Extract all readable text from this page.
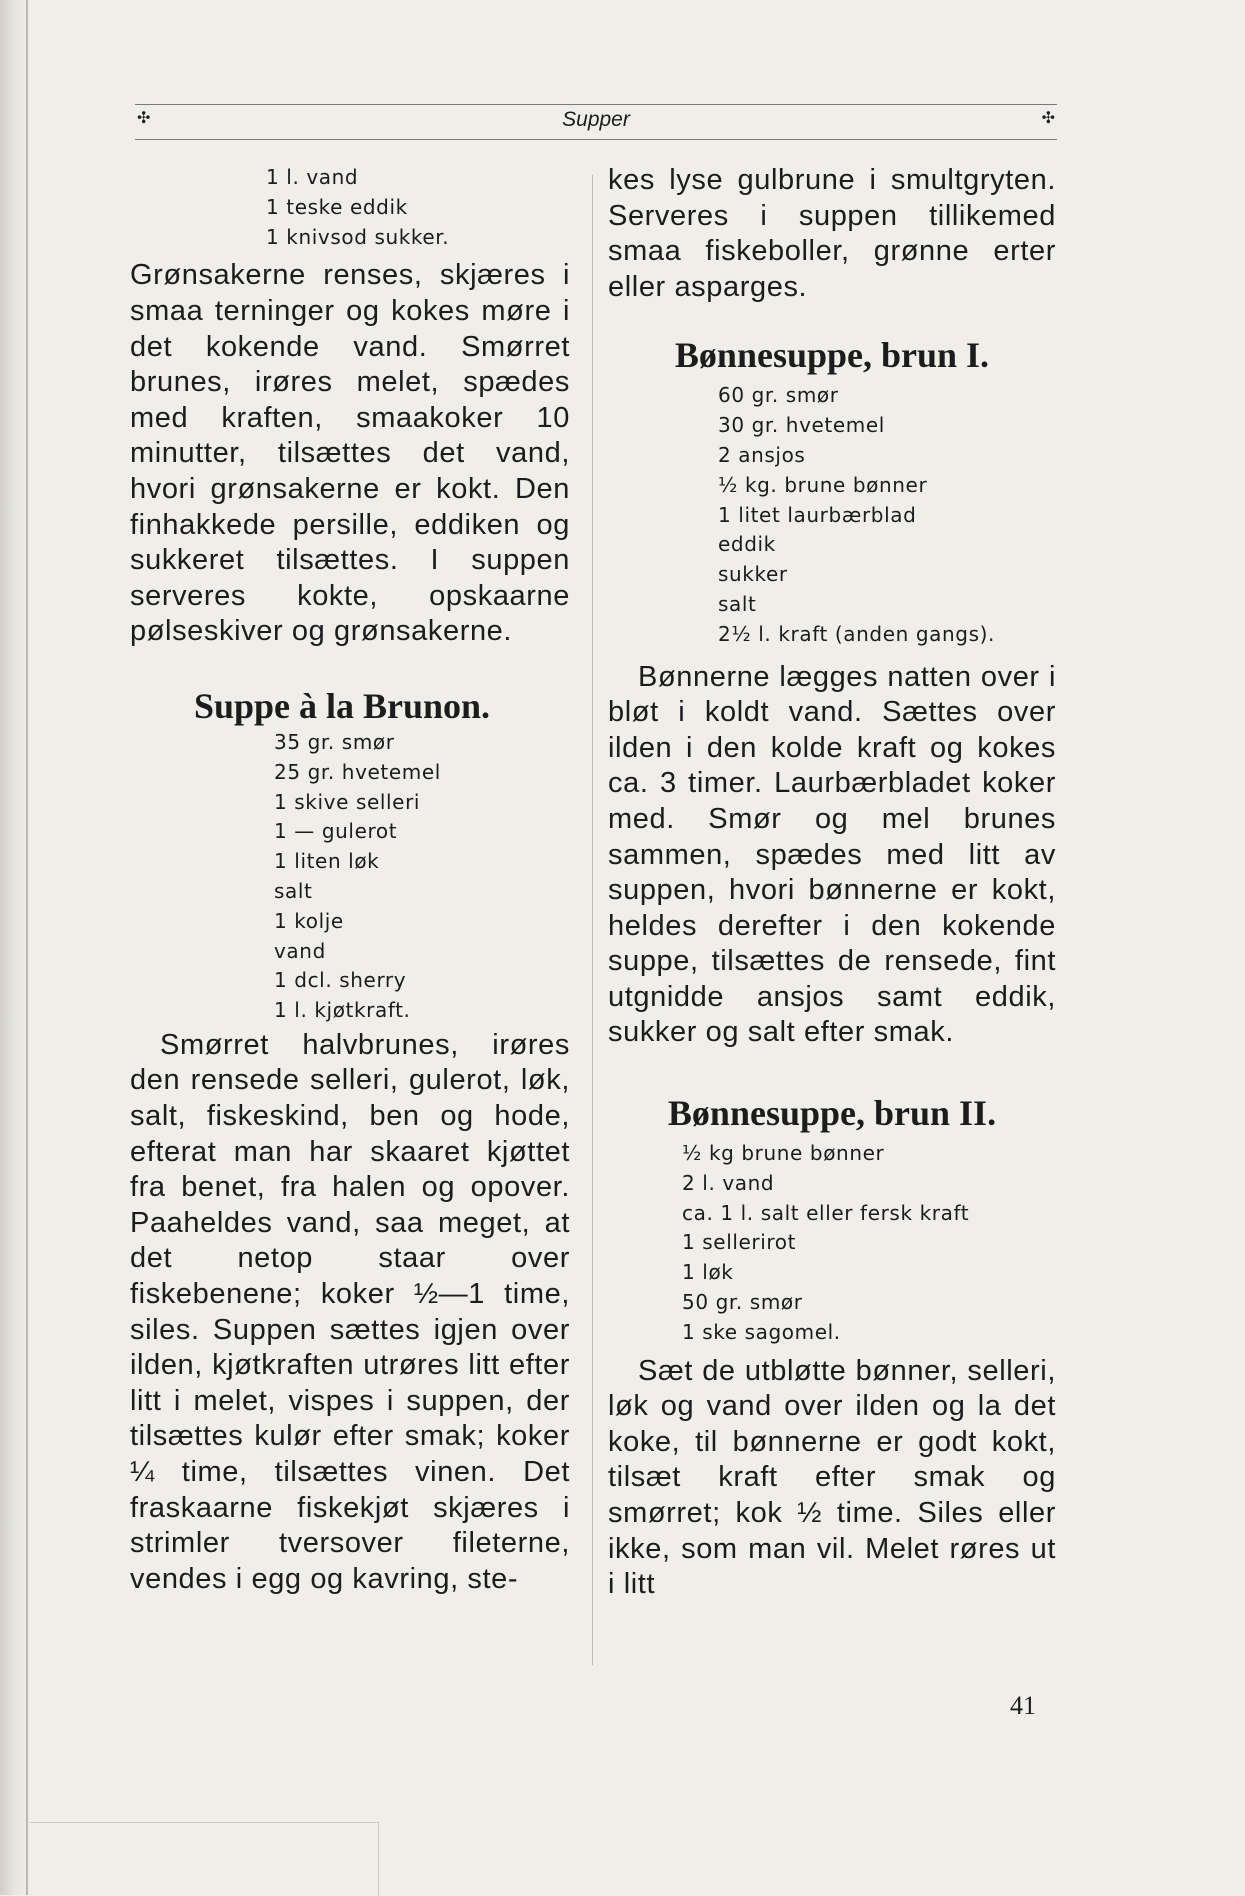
✣	Supper	✣
1 l. vand
1 teske eddik
1 knivsod sukker.

Grønsakerne renses, skjæres i smaa terninger og kokes møre i det kokende vand. Smørret brunes, irøres melet, spædes med kraften, smaakoker 10 minutter, tilsættes det vand, hvori grønsakerne er kokt. Den finhakkede persille, eddiken og sukkeret tilsættes. I suppen serveres kokte, opskaarne pølseskiver og grønsakerne.

Suppe à la Brunon.
35 gr. smør
25 gr. hvetemel
1 skive selleri
1 — gulerot
1 liten løk
salt
1 kolje
vand
1 dcl. sherry
1 l. kjøtkraft.

Smørret halvbrunes, irøres den rensede selleri, gulerot, løk, salt, fiskeskind, ben og hode, efterat man har skaaret kjøttet fra benet, fra halen og opover. Paaheldes vand, saa meget, at det netop staar over fiskebenene; koker ½—1 time, siles. Suppen sættes igjen over ilden, kjøtkraften utrøres litt efter litt i melet, vispes i suppen, der tilsættes kulør efter smak; koker ¼ time, tilsættes vinen. Det fraskaarne fiskekjøt skjæres i strimler tversover fileterne, vendes i egg og kavring, ste-

kes lyse gulbrune i smultgryten. Serveres i suppen tillikemed smaa fiskeboller, grønne erter eller asparges.

Bønnesuppe, brun I.
60 gr. smør
30 gr. hvetemel
2 ansjos
½ kg. brune bønner
1 litet laurbærblad
eddik
sukker
salt
2½ l. kraft (anden gangs).

Bønnerne lægges natten over i bløt i koldt vand. Sættes over ilden i den kolde kraft og kokes ca. 3 timer. Laurbærbladet koker med. Smør og mel brunes sammen, spædes med litt av suppen, hvori bønnerne er kokt, heldes derefter i den kokende suppe, tilsættes de rensede, fint utgnidde ansjos samt eddik, sukker og salt efter smak.

Bønnesuppe, brun II.
½ kg brune bønner
2 l. vand
ca. 1 l. salt eller fersk kraft
1 sellerirot
1 løk
50 gr. smør
1 ske sagomel.

Sæt de utbløtte bønner, selleri, løk og vand over ilden og la det koke, til bønnerne er godt kokt, tilsæt kraft efter smak og smørret; kok ½ time. Siles eller ikke, som man vil. Melet røres ut i litt

41
